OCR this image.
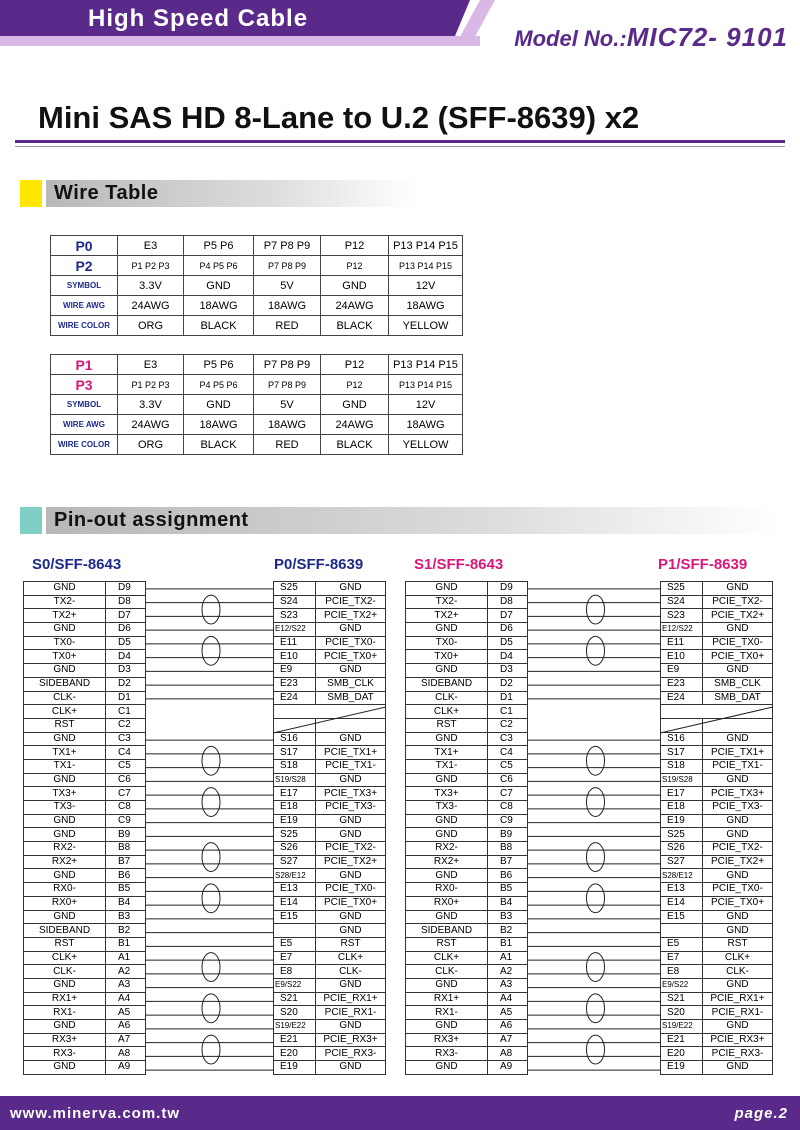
High Speed Cable
Model No.:MIC72- 9101
Mini SAS HD 8-Lane to U.2 (SFF-8639) x2
Wire Table
P0	E3	P5 P6	P7 P8 P9	P12	P13 P14 P15
P2	P1 P2 P3	P4 P5 P6	P7 P8 P9	P12	P13 P14 P15
SYMBOL	3.3V	GND	5V	GND	12V
WIRE AWG	24AWG	18AWG	18AWG	24AWG	18AWG
WIRE COLOR	ORG	BLACK	RED	BLACK	YELLOW
P1	E3	P5 P6	P7 P8 P9	P12	P13 P14 P15
P3	P1 P2 P3	P4 P5 P6	P7 P8 P9	P12	P13 P14 P15
SYMBOL	3.3V	GND	5V	GND	12V
WIRE AWG	24AWG	18AWG	18AWG	24AWG	18AWG
WIRE COLOR	ORG	BLACK	RED	BLACK	YELLOW
Pin-out assignment
S0/SFF-8643	P0/SFF-8639	S1/SFF-8643	P1/SFF-8639
GND	D9
TX2-	D8
TX2+	D7
GND	D6
TX0-	D5
TX0+	D4
GND	D3
SIDEBAND	D2
CLK-	D1
CLK+	C1
RST	C2
GND	C3
TX1+	C4
TX1-	C5
GND	C6
TX3+	C7
TX3-	C8
GND	C9
GND	B9
RX2-	B8
RX2+	B7
GND	B6
RX0-	B5
RX0+	B4
GND	B3
SIDEBAND	B2
RST	B1
CLK+	A1
CLK-	A2
GND	A3
RX1+	A4
RX1-	A5
GND	A6
RX3+	A7
RX3-	A8
GND	A9
S25	GND
S24	PCIE_TX2-
S23	PCIE_TX2+
E12/S22	GND
E11	PCIE_TX0-
E10	PCIE_TX0+
E9	GND
E23	SMB_CLK
E24	SMB_DAT

S16	GND
S17	PCIE_TX1+
S18	PCIE_TX1-
S19/S28	GND
E17	PCIE_TX3+
E18	PCIE_TX3-
E19	GND
S25	GND
S26	PCIE_TX2-
S27	PCIE_TX2+
S28/E12	GND
E13	PCIE_TX0-
E14	PCIE_TX0+
E15	GND
	GND
E5	RST
E7	CLK+
E8	CLK-
E9/S22	GND
S21	PCIE_RX1+
S20	PCIE_RX1-
S19/E22	GND
E21	PCIE_RX3+
E20	PCIE_RX3-
E19	GND
GND	D9
TX2-	D8
TX2+	D7
GND	D6
TX0-	D5
TX0+	D4
GND	D3
SIDEBAND	D2
CLK-	D1
CLK+	C1
RST	C2
GND	C3
TX1+	C4
TX1-	C5
GND	C6
TX3+	C7
TX3-	C8
GND	C9
GND	B9
RX2-	B8
RX2+	B7
GND	B6
RX0-	B5
RX0+	B4
GND	B3
SIDEBAND	B2
RST	B1
CLK+	A1
CLK-	A2
GND	A3
RX1+	A4
RX1-	A5
GND	A6
RX3+	A7
RX3-	A8
GND	A9
S25	GND
S24	PCIE_TX2-
S23	PCIE_TX2+
E12/S22	GND
E11	PCIE_TX0-
E10	PCIE_TX0+
E9	GND
E23	SMB_CLK
E24	SMB_DAT

S16	GND
S17	PCIE_TX1+
S18	PCIE_TX1-
S19/S28	GND
E17	PCIE_TX3+
E18	PCIE_TX3-
E19	GND
S25	GND
S26	PCIE_TX2-
S27	PCIE_TX2+
S28/E12	GND
E13	PCIE_TX0-
E14	PCIE_TX0+
E15	GND
	GND
E5	RST
E7	CLK+
E8	CLK-
E9/S22	GND
S21	PCIE_RX1+
S20	PCIE_RX1-
S19/E22	GND
E21	PCIE_RX3+
E20	PCIE_RX3-
E19	GND
www.minerva.com.tw	page.2
